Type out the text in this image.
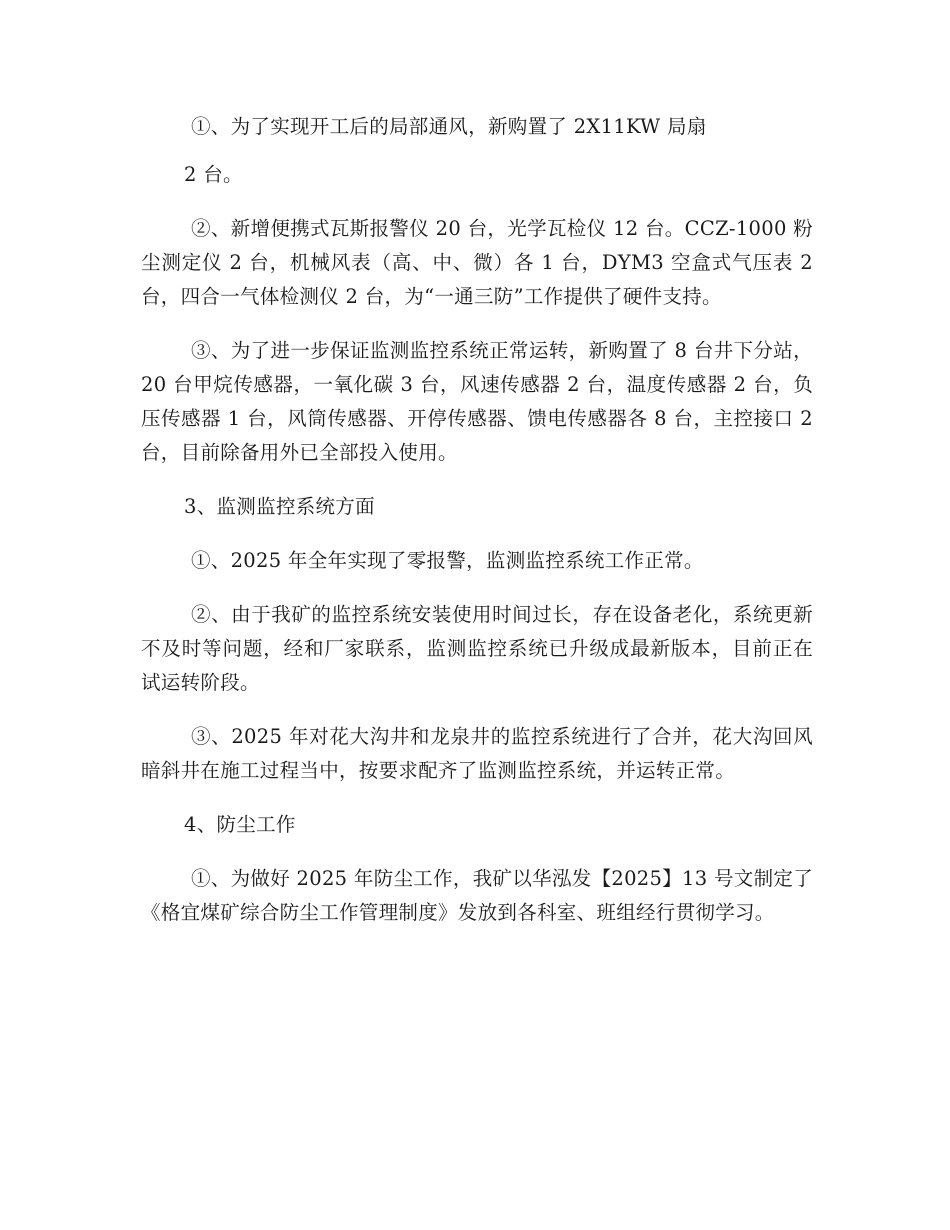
①、为了实现开工后的局部通风，新购置了 2X11KW 局扇

2 台。

②、新增便携式瓦斯报警仪 20 台，光学瓦检仪 12 台。CCZ-1000 粉尘测定仪 2 台，机械风表（高、中、微）各 1 台，DYM3 空盒式气压表 2 台，四合一气体检测仪 2 台，为“一通三防”工作提供了硬件支持。

③、为了进一步保证监测监控系统正常运转，新购置了 8 台井下分站，20 台甲烷传感器，一氧化碳 3 台，风速传感器 2 台，温度传感器 2 台，负压传感器 1 台，风筒传感器、开停传感器、馈电传感器各 8 台，主控接口 2 台，目前除备用外已全部投入使用。

3、监测监控系统方面

①、2025 年全年实现了零报警，监测监控系统工作正常。

②、由于我矿的监控系统安装使用时间过长，存在设备老化，系统更新不及时等问题，经和厂家联系，监测监控系统已升级成最新版本，目前正在试运转阶段。

③、2025 年对花大沟井和龙泉井的监控系统进行了合并，花大沟回风暗斜井在施工过程当中，按要求配齐了监测监控系统，并运转正常。

4、防尘工作

①、为做好 2025 年防尘工作，我矿以华泓发【2025】13 号文制定了《格宜煤矿综合防尘工作管理制度》发放到各科室、班组经行贯彻学习。
